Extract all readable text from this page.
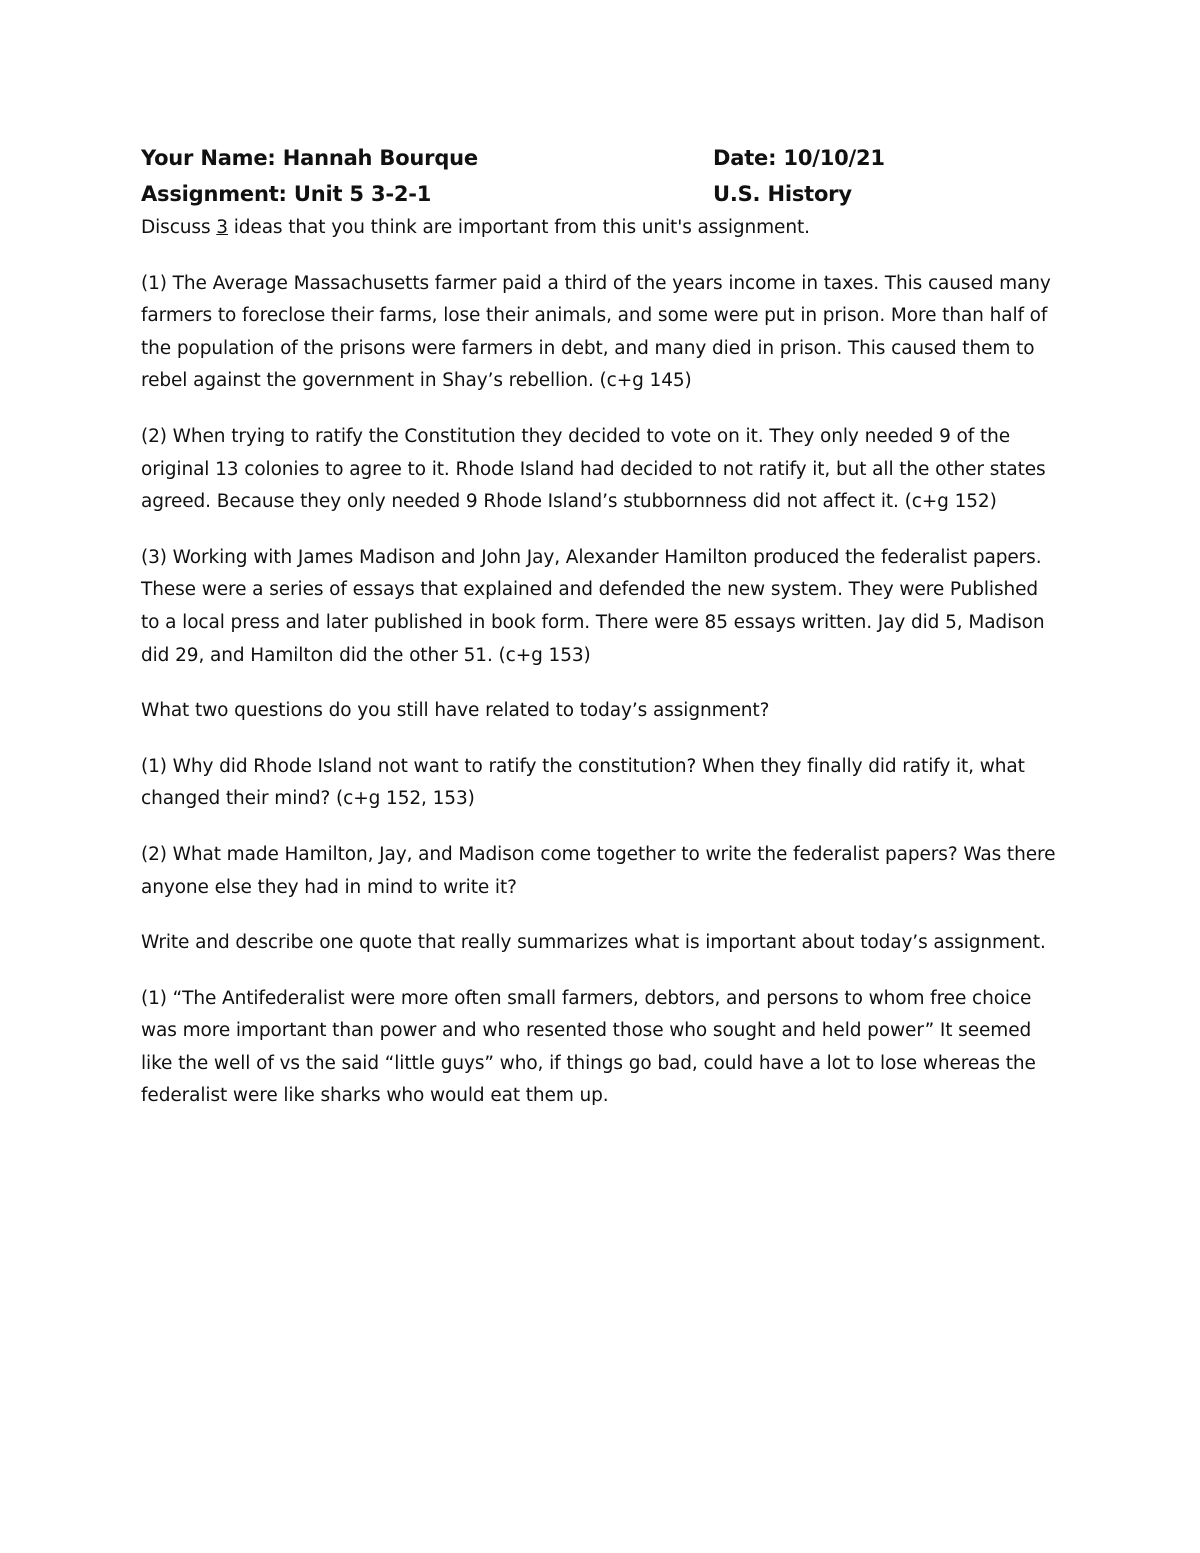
Your Name: Hannah Bourque	Date: 10/10/21
Assignment: Unit 5 3-2-1	U.S. History

Discuss 3 ideas that you think are important from this unit's assignment.

(1) The Average Massachusetts farmer paid a third of the years income in taxes. This caused many farmers to foreclose their farms, lose their animals, and some were put in prison. More than half of the population of the prisons were farmers in debt, and many died in prison. This caused them to rebel against the government in Shay’s rebellion. (c+g 145)

(2) When trying to ratify the Constitution they decided to vote on it. They only needed 9 of the original 13 colonies to agree to it. Rhode Island had decided to not ratify it, but all the other states agreed. Because they only needed 9 Rhode Island’s stubbornness did not affect it. (c+g 152)

(3) Working with James Madison and John Jay, Alexander Hamilton produced the federalist papers. These were a series of essays that explained and defended the new system. They were Published to a local press and later published in book form. There were 85 essays written. Jay did 5, Madison did 29, and Hamilton did the other 51. (c+g 153)

What two questions do you still have related to today’s assignment?

(1) Why did Rhode Island not want to ratify the constitution? When they finally did ratify it, what changed their mind? (c+g 152, 153)

(2) What made Hamilton, Jay, and Madison come together to write the federalist papers? Was there anyone else they had in mind to write it?

Write and describe one quote that really summarizes what is important about today’s assignment.

(1) “The Antifederalist were more often small farmers, debtors, and persons to whom free choice was more important than power and who resented those who sought and held power” It seemed like the well of vs the said “little guys” who, if things go bad, could have a lot to lose whereas the federalist were like sharks who would eat them up.
